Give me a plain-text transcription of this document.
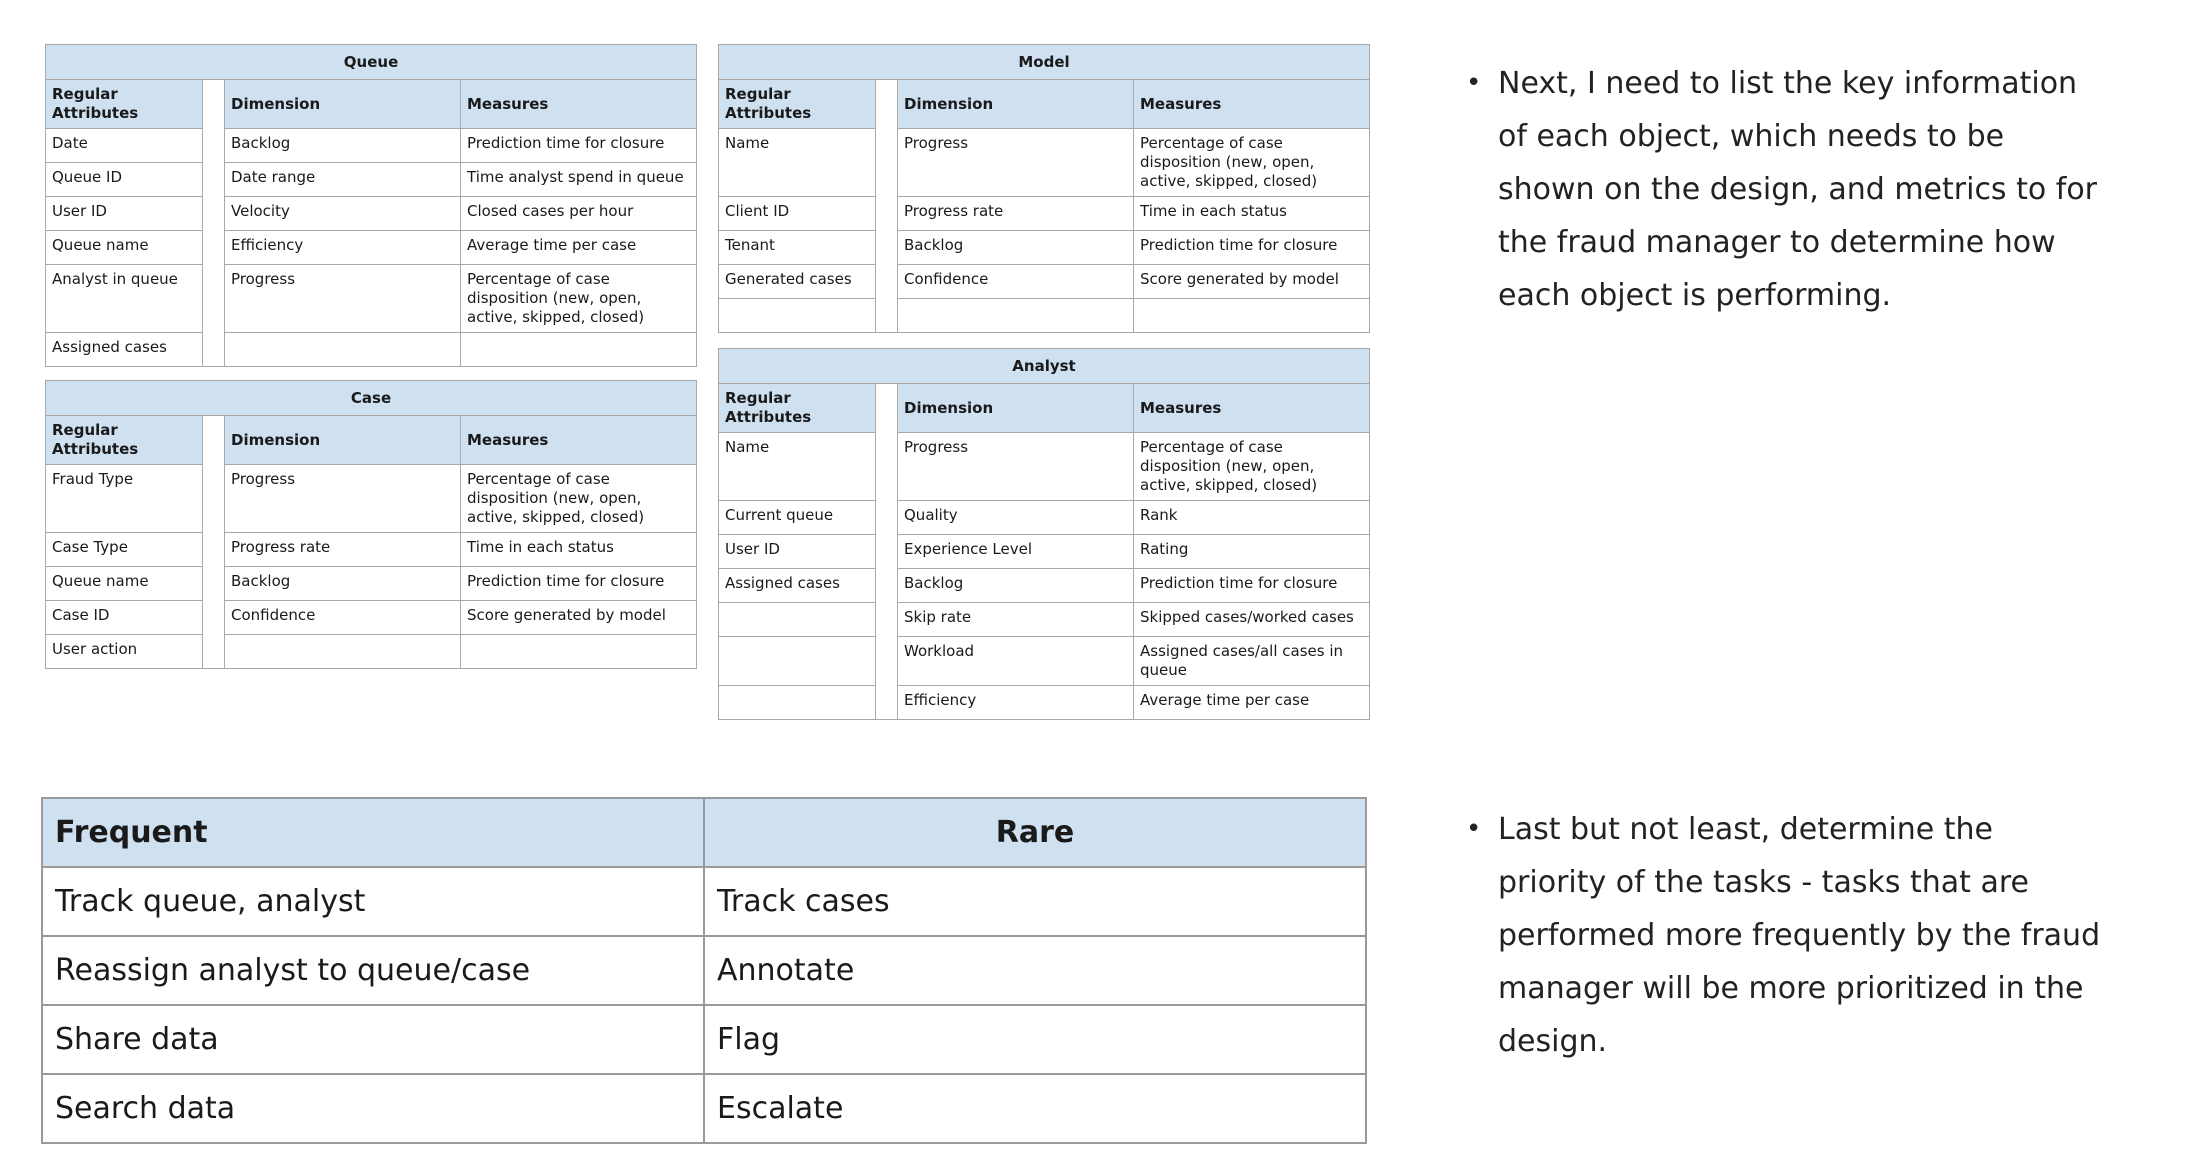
Queue			
Regular Attributes		Dimension	Measures
Date		Backlog	Prediction time for closure
Queue ID		Date range	Time analyst spend in queue
User ID		Velocity	Closed cases per hour
Queue name		Efficiency	Average time per case
Analyst in queue		Progress	Percentage of case disposition (new, open, active, skipped, closed)
Assigned cases			
Case			
Regular Attributes		Dimension	Measures
Fraud Type		Progress	Percentage of case disposition (new, open, active, skipped, closed)
Case Type		Progress rate	Time in each status
Queue name		Backlog	Prediction time for closure
Case ID		Confidence	Score generated by model
User action			
Model			
Regular Attributes		Dimension	Measures
Name		Progress	Percentage of case disposition (new, open, active, skipped, closed)
Client ID		Progress rate	Time in each status
Tenant		Backlog	Prediction time for closure
Generated cases		Confidence	Score generated by model

Analyst			
Regular Attributes		Dimension	Measures
Name		Progress	Percentage of case disposition (new, open, active, skipped, closed)
Current queue		Quality	Rank
User ID		Experience Level	Rating
Assigned cases		Backlog	Prediction time for closure
		Skip rate	Skipped cases/worked cases
		Workload	Assigned cases/all cases in queue
		Efficiency	Average time per case
Frequent	Rare
Track queue, analyst	Track cases
Reassign analyst to queue/case	Annotate
Share data	Flag
Search data	Escalate
• Next, I need to list the key information of each object, which needs to be shown on the design, and metrics to for the fraud manager to determine how each object is performing.
• Last but not least, determine the priority of the tasks - tasks that are performed more frequently by the fraud manager will be more prioritized in the design.
